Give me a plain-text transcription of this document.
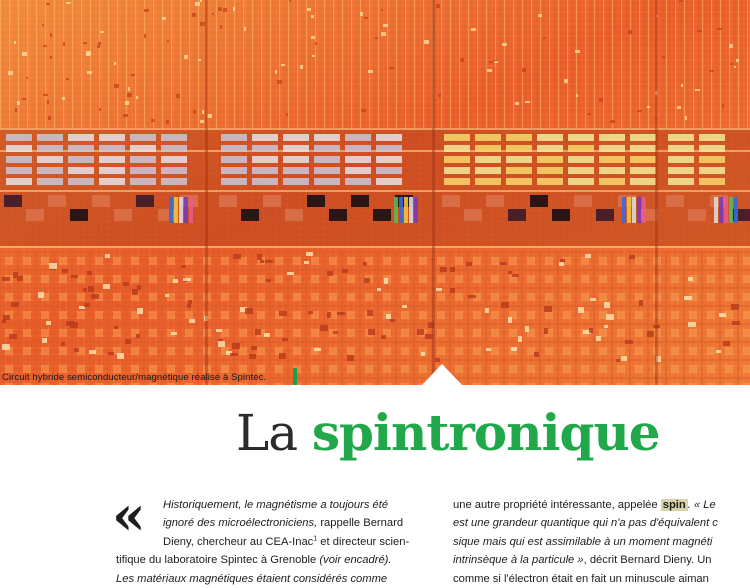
Circuit hybride semiconducteur/magnétique réalisé à Spintec.
La spintronique
«	Historiquement, le magnétisme a toujours été
ignoré des microélectroniciens, rappelle Bernard
Dieny, chercheur au CEA-Inac$^1$ et directeur scien-
tifique du laboratoire Spintec à Grenoble (voir encadré).
Les matériaux magnétiques étaient considérés comme
une autre propriété intéressante, appelée spin . « Le
est une grandeur quantique qui n'a pas d'équivalent c
sique mais qui est assimilable à un moment magnéti
intrinsèque à la particule », décrit Bernard Dieny. Un
comme si l'électron était en fait un minuscule aiman
